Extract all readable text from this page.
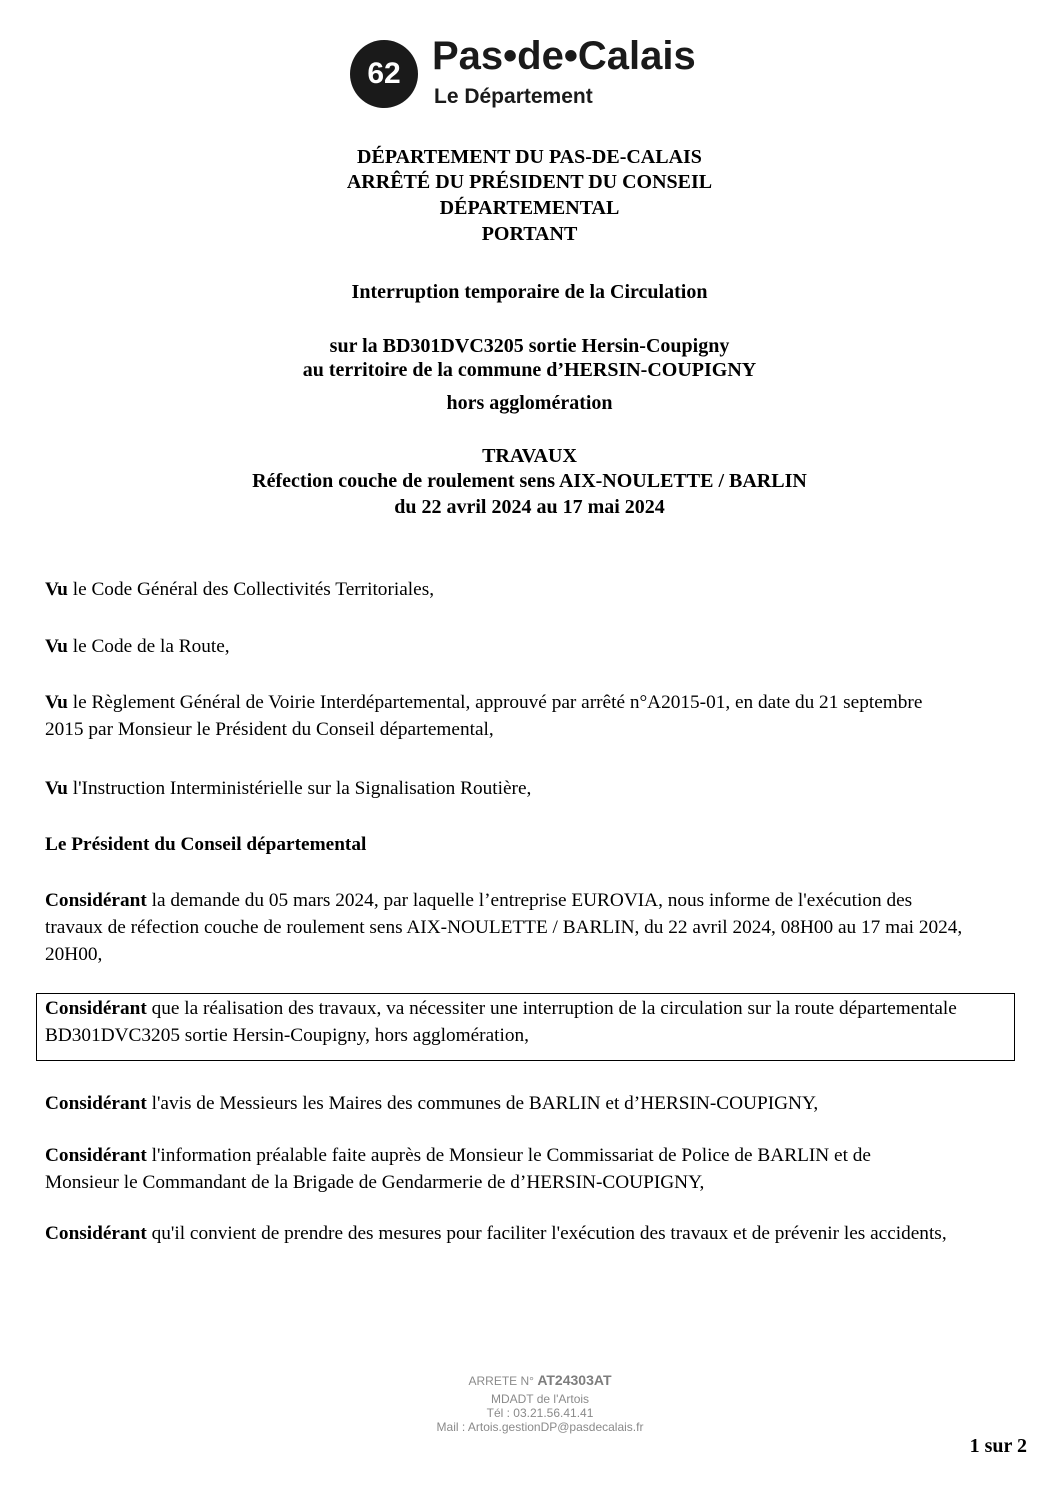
62 Pas•de•Calais
Le Département
DÉPARTEMENT DU PAS-DE-CALAIS
ARRÊTÉ DU PRÉSIDENT DU CONSEIL
DÉPARTEMENTAL
PORTANT
Interruption temporaire de la Circulation
sur la BD301DVC3205 sortie Hersin-Coupigny
au territoire de la commune d’HERSIN-COUPIGNY
hors agglomération
TRAVAUX
Réfection couche de roulement sens AIX-NOULETTE / BARLIN
du 22 avril 2024 au 17 mai 2024
Vu le Code Général des Collectivités Territoriales,
Vu le Code de la Route,
Vu le Règlement Général de Voirie Interdépartemental, approuvé par arrêté n°A2015-01, en date du 21 septembre
2015 par Monsieur le Président du Conseil départemental,
Vu l'Instruction Interministérielle sur la Signalisation Routière,
Le Président du Conseil départemental
Considérant la demande du 05 mars 2024, par laquelle l’entreprise EUROVIA, nous informe de l'exécution des
travaux de réfection couche de roulement sens AIX-NOULETTE / BARLIN, du 22 avril 2024, 08H00 au 17 mai 2024,
20H00,
Considérant que la réalisation des travaux, va nécessiter une interruption de la circulation sur la route départementale
BD301DVC3205 sortie Hersin-Coupigny, hors agglomération,
Considérant l'avis de Messieurs les Maires des communes de BARLIN et d’HERSIN-COUPIGNY,
Considérant l'information préalable faite auprès de Monsieur le Commissariat de Police de BARLIN et de
Monsieur le Commandant de la Brigade de Gendarmerie de d’HERSIN-COUPIGNY,
Considérant qu'il convient de prendre des mesures pour faciliter l'exécution des travaux et de prévenir les accidents,
ARRETE N° AT24303AT
MDADT de l'Artois
Tél : 03.21.56.41.41
Mail : Artois.gestionDP@pasdecalais.fr
1 sur 2
